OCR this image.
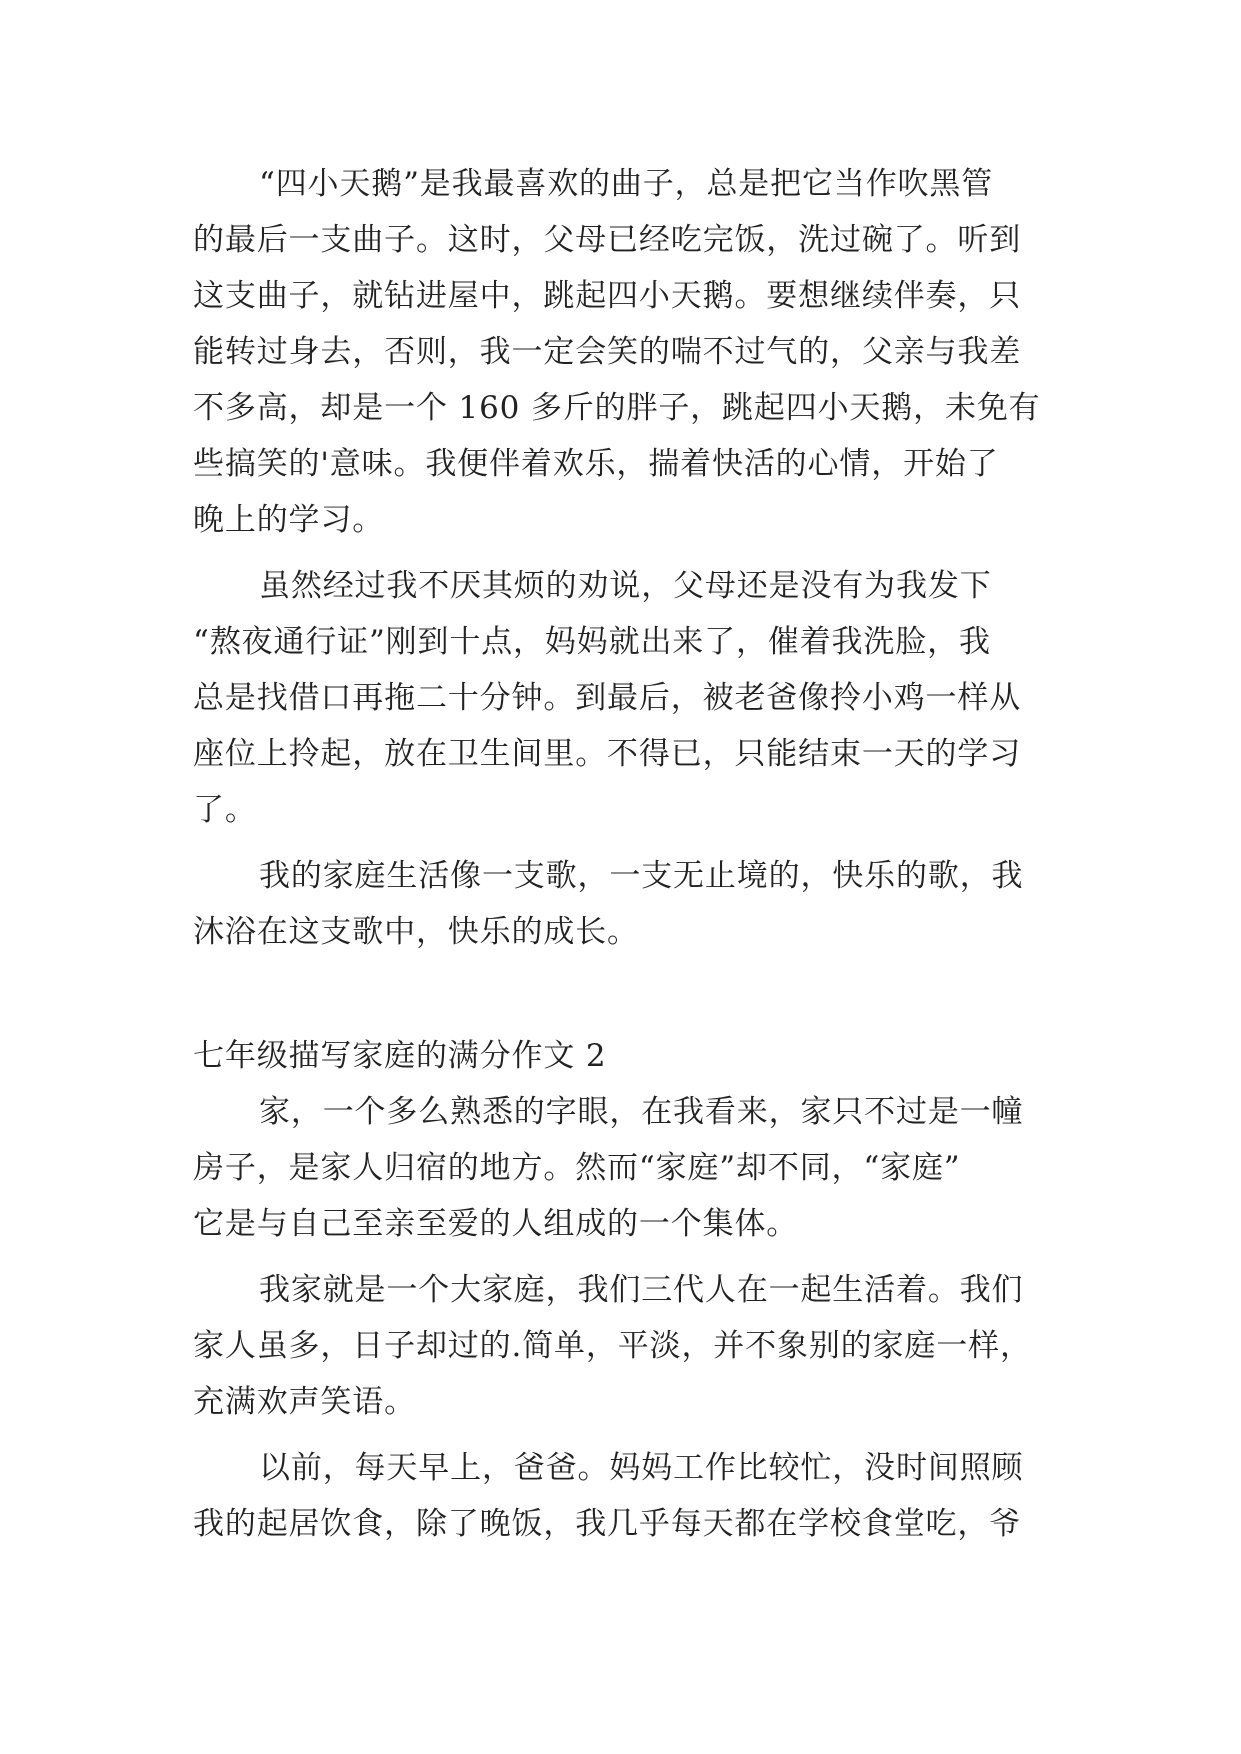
“四小天鹅”是我最喜欢的曲子，总是把它当作吹黑管
的最后一支曲子。这时，父母已经吃完饭，洗过碗了。听到
这支曲子，就钻进屋中，跳起四小天鹅。要想继续伴奏，只
能转过身去，否则，我一定会笑的喘不过气的，父亲与我差
不多高，却是一个 160 多斤的胖子，跳起四小天鹅，未免有
些搞笑的'意味。我便伴着欢乐，揣着快活的心情，开始了
晚上的学习。
虽然经过我不厌其烦的劝说，父母还是没有为我发下
“熬夜通行证”刚到十点，妈妈就出来了，催着我洗脸，我
总是找借口再拖二十分钟。到最后，被老爸像拎小鸡一样从
座位上拎起，放在卫生间里。不得已，只能结束一天的学习
了。
我的家庭生活像一支歌，一支无止境的，快乐的歌，我
沐浴在这支歌中，快乐的成长。
七年级描写家庭的满分作文 2
家，一个多么熟悉的字眼，在我看来，家只不过是一幢
房子，是家人归宿的地方。然而“家庭”却不同，“家庭”
它是与自己至亲至爱的人组成的一个集体。
我家就是一个大家庭，我们三代人在一起生活着。我们
家人虽多，日子却过的.简单，平淡，并不象别的家庭一样，
充满欢声笑语。
以前，每天早上，爸爸。妈妈工作比较忙，没时间照顾
我的起居饮食，除了晚饭，我几乎每天都在学校食堂吃，爷
